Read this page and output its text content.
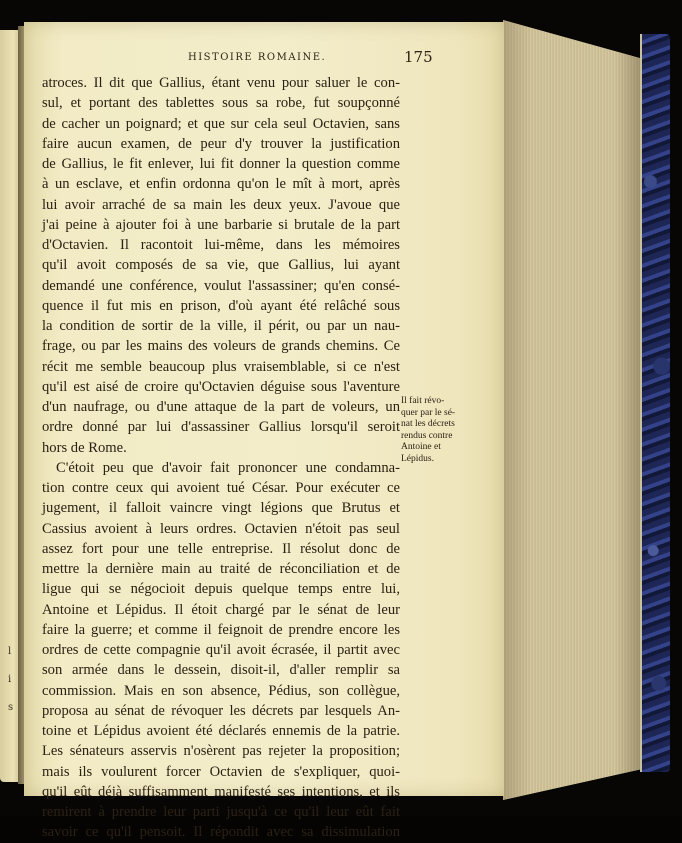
l
i
s
HISTOIRE ROMAINE.	175
atroces. Il dit que Gallius, étant venu pour saluer le con-
sul, et portant des tablettes sous sa robe, fut soupçonné
de cacher un poignard; et que sur cela seul Octavien, sans
faire aucun examen, de peur d'y trouver la justification
de Gallius, le fit enlever, lui fit donner la question comme
à un esclave, et enfin ordonna qu'on le mît à mort, après
lui avoir arraché de sa main les deux yeux. J'avoue que
j'ai peine à ajouter foi à une barbarie si brutale de la part
d'Octavien. Il racontoit lui-même, dans les mémoires
qu'il avoit composés de sa vie, que Gallius, lui ayant
demandé une conférence, voulut l'assassiner; qu'en consé-
quence il fut mis en prison, d'où ayant été relâché sous
la condition de sortir de la ville, il périt, ou par un nau-
frage, ou par les mains des voleurs de grands chemins. Ce
récit me semble beaucoup plus vraisemblable, si ce n'est
qu'il est aisé de croire qu'Octavien déguise sous l'aventure
d'un naufrage, ou d'une attaque de la part de voleurs, un
ordre donné par lui d'assassiner Gallius lorsqu'il seroit
hors de Rome.
C'étoit peu que d'avoir fait prononcer une condamna-
tion contre ceux qui avoient tué César. Pour exécuter ce
jugement, il falloit vaincre vingt légions que Brutus et
Cassius avoient à leurs ordres. Octavien n'étoit pas seul
assez fort pour une telle entreprise. Il résolut donc de
mettre la dernière main au traité de réconciliation et de
ligue qui se négocioit depuis quelque temps entre lui,
Antoine et Lépidus. Il étoit chargé par le sénat de leur
faire la guerre; et comme il feignoit de prendre encore les
ordres de cette compagnie qu'il avoit écrasée, il partit avec
son armée dans le dessein, disoit-il, d'aller remplir sa
commission. Mais en son absence, Pédius, son collègue,
proposa au sénat de révoquer les décrets par lesquels An-
toine et Lépidus avoient été déclarés ennemis de la patrie.
Les sénateurs asservis n'osèrent pas rejeter la proposition;
mais ils voulurent forcer Octavien de s'expliquer, quoi-
qu'il eût déjà suffisamment manifesté ses intentions, et ils
remirent à prendre leur parti jusqu'à ce qu'il leur eût fait
savoir ce qu'il pensoit. Il répondit avec sa dissimulation
Il fait révo-
quer par le sé-
nat les décrets
rendus contre
Antoine et
Lépidus.
